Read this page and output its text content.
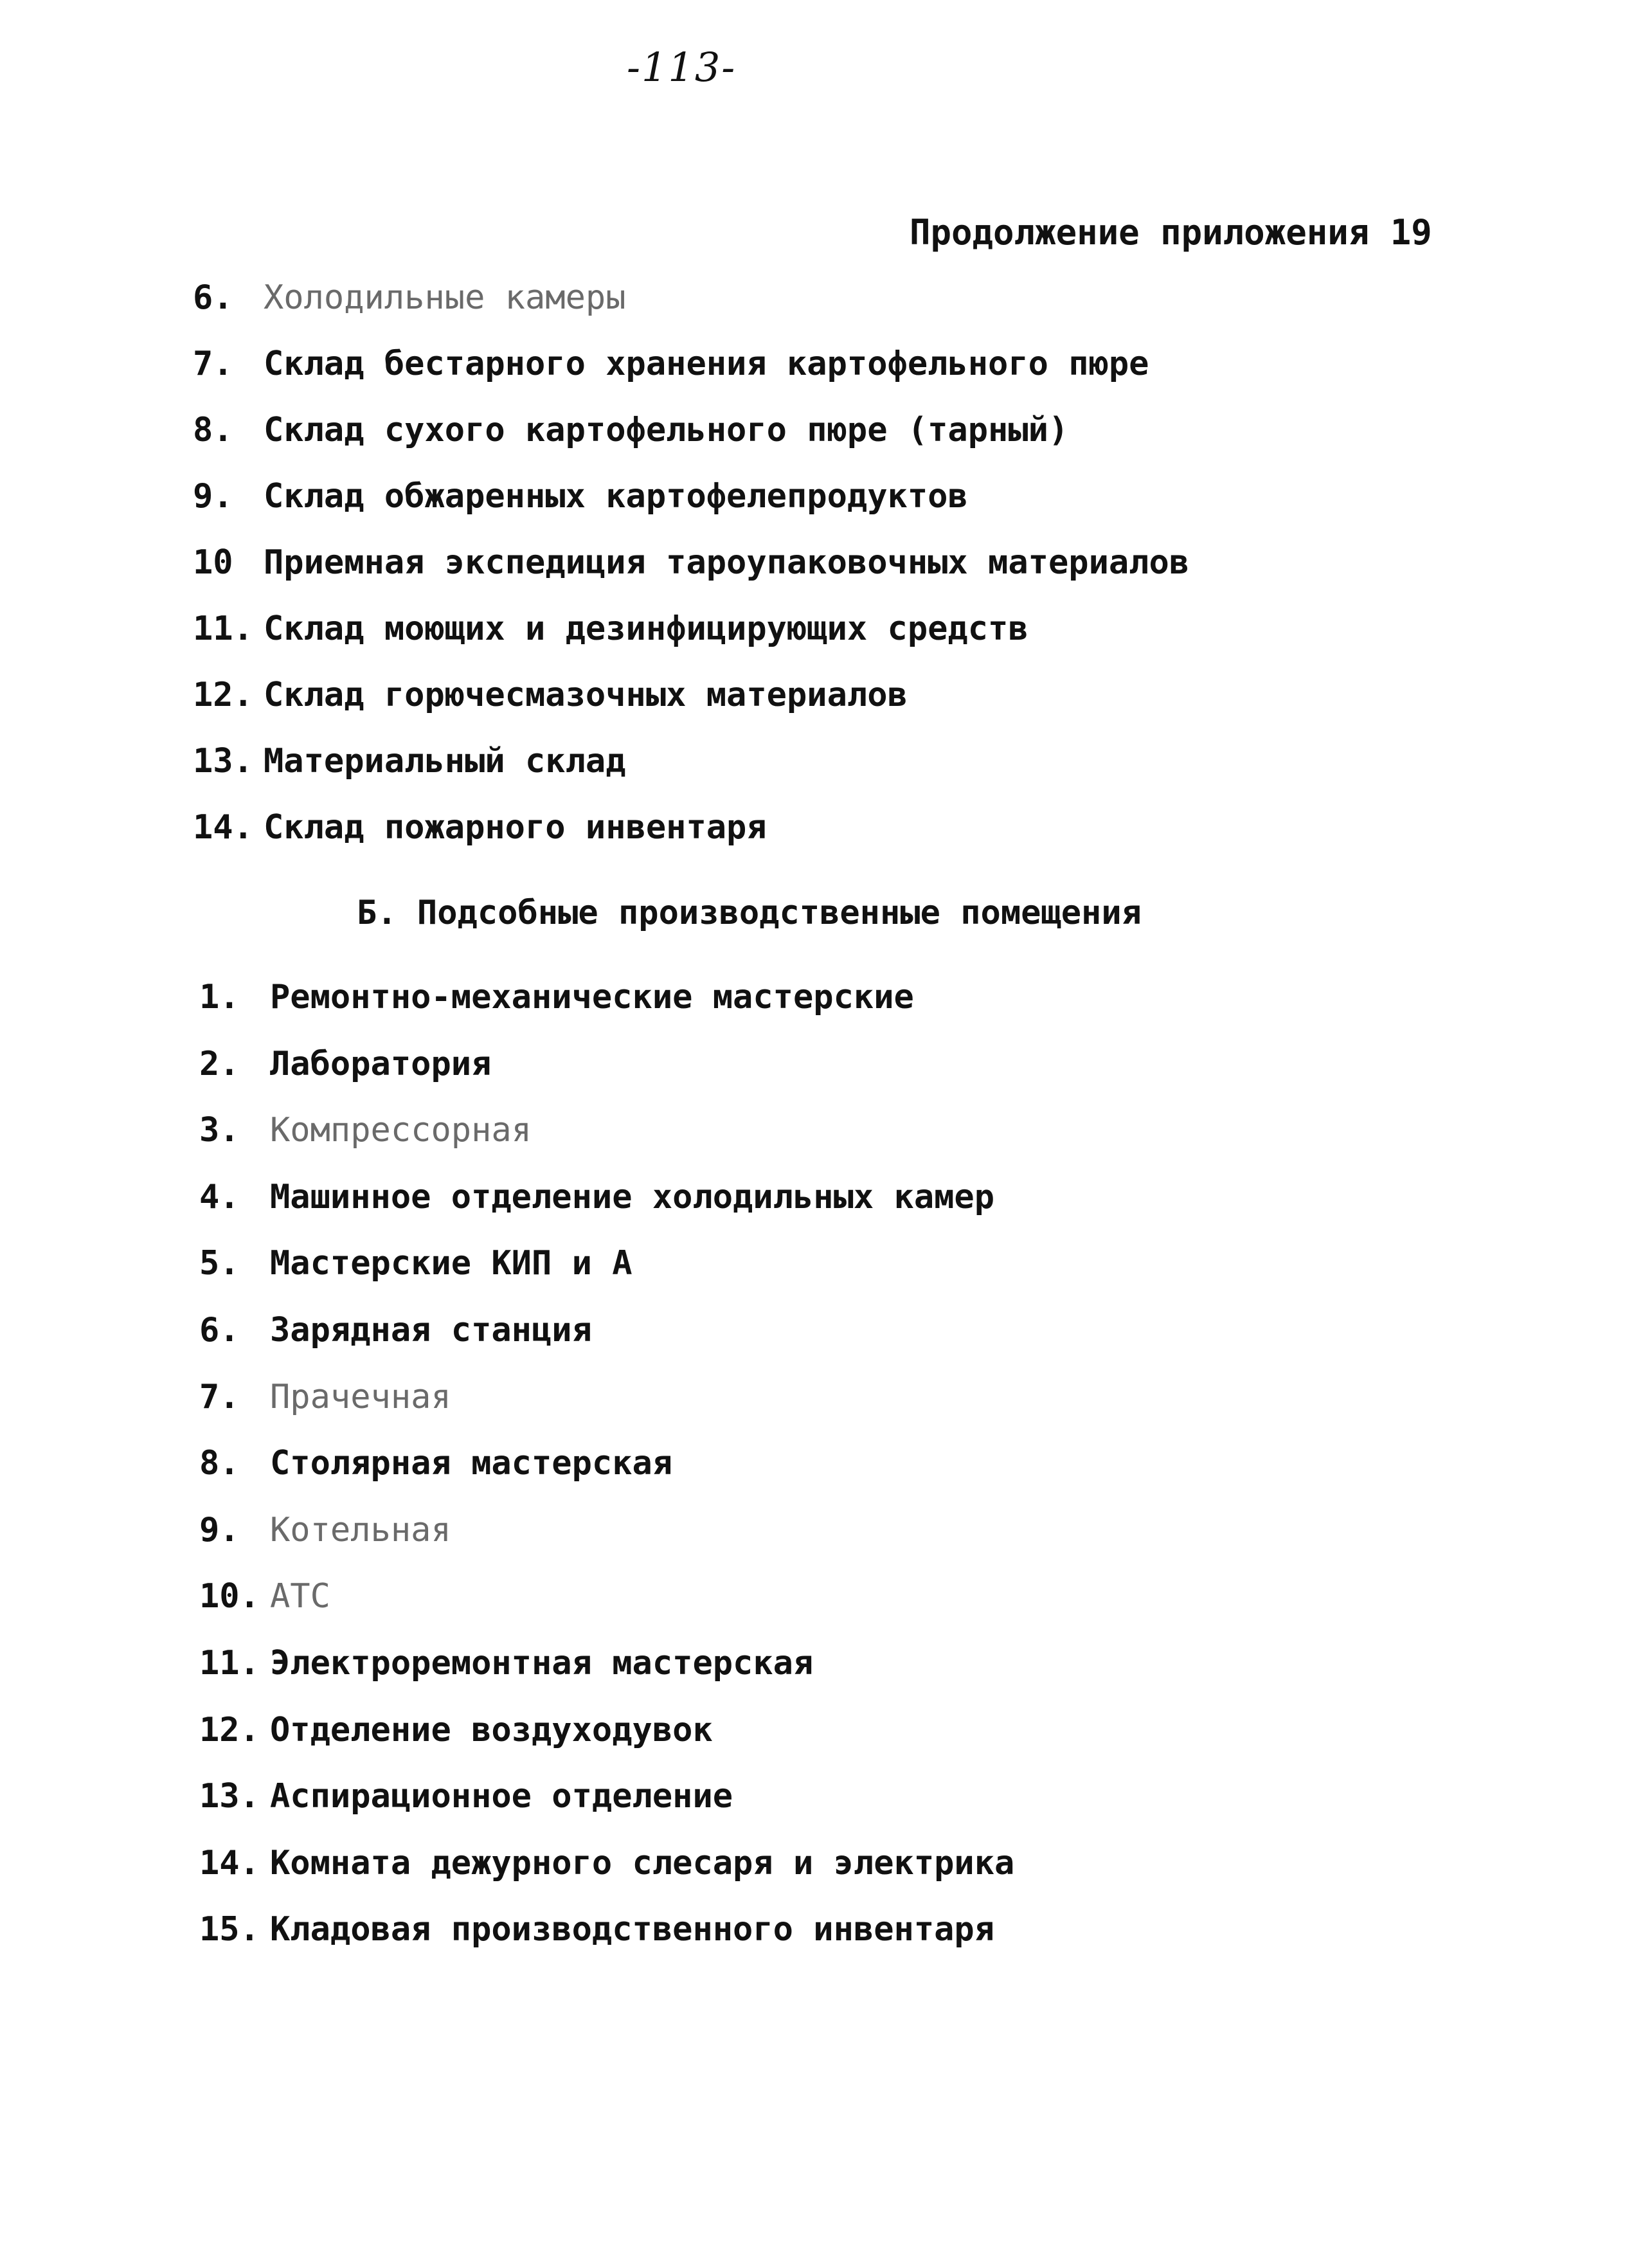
-113-
Продолжение приложения 19
6. Холодильные камеры
7. Склад бестарного хранения картофельного пюре
8. Склад сухого картофельного пюре (тарный)
9. Склад обжаренных картофелепродуктов
10 Приемная экспедиция тароупаковочных материалов
11. Склад моющих и дезинфицирующих средств
12. Склад горючесмазочных материалов
13. Материальный склад
14. Склад пожарного инвентаря
Б. Подсобные производственные помещения
1. Ремонтно-механические мастерские
2. Лаборатория
3. Компрессорная
4. Машинное отделение холодильных камер
5. Мастерские КИП и А
6. Зарядная станция
7. Прачечная
8. Столярная мастерская
9. Котельная
10. АТС
11. Электроремонтная мастерская
12. Отделение воздуходувок
13. Аспирационное отделение
14. Комната дежурного слесаря и электрика
15. Кладовая производственного инвентаря
